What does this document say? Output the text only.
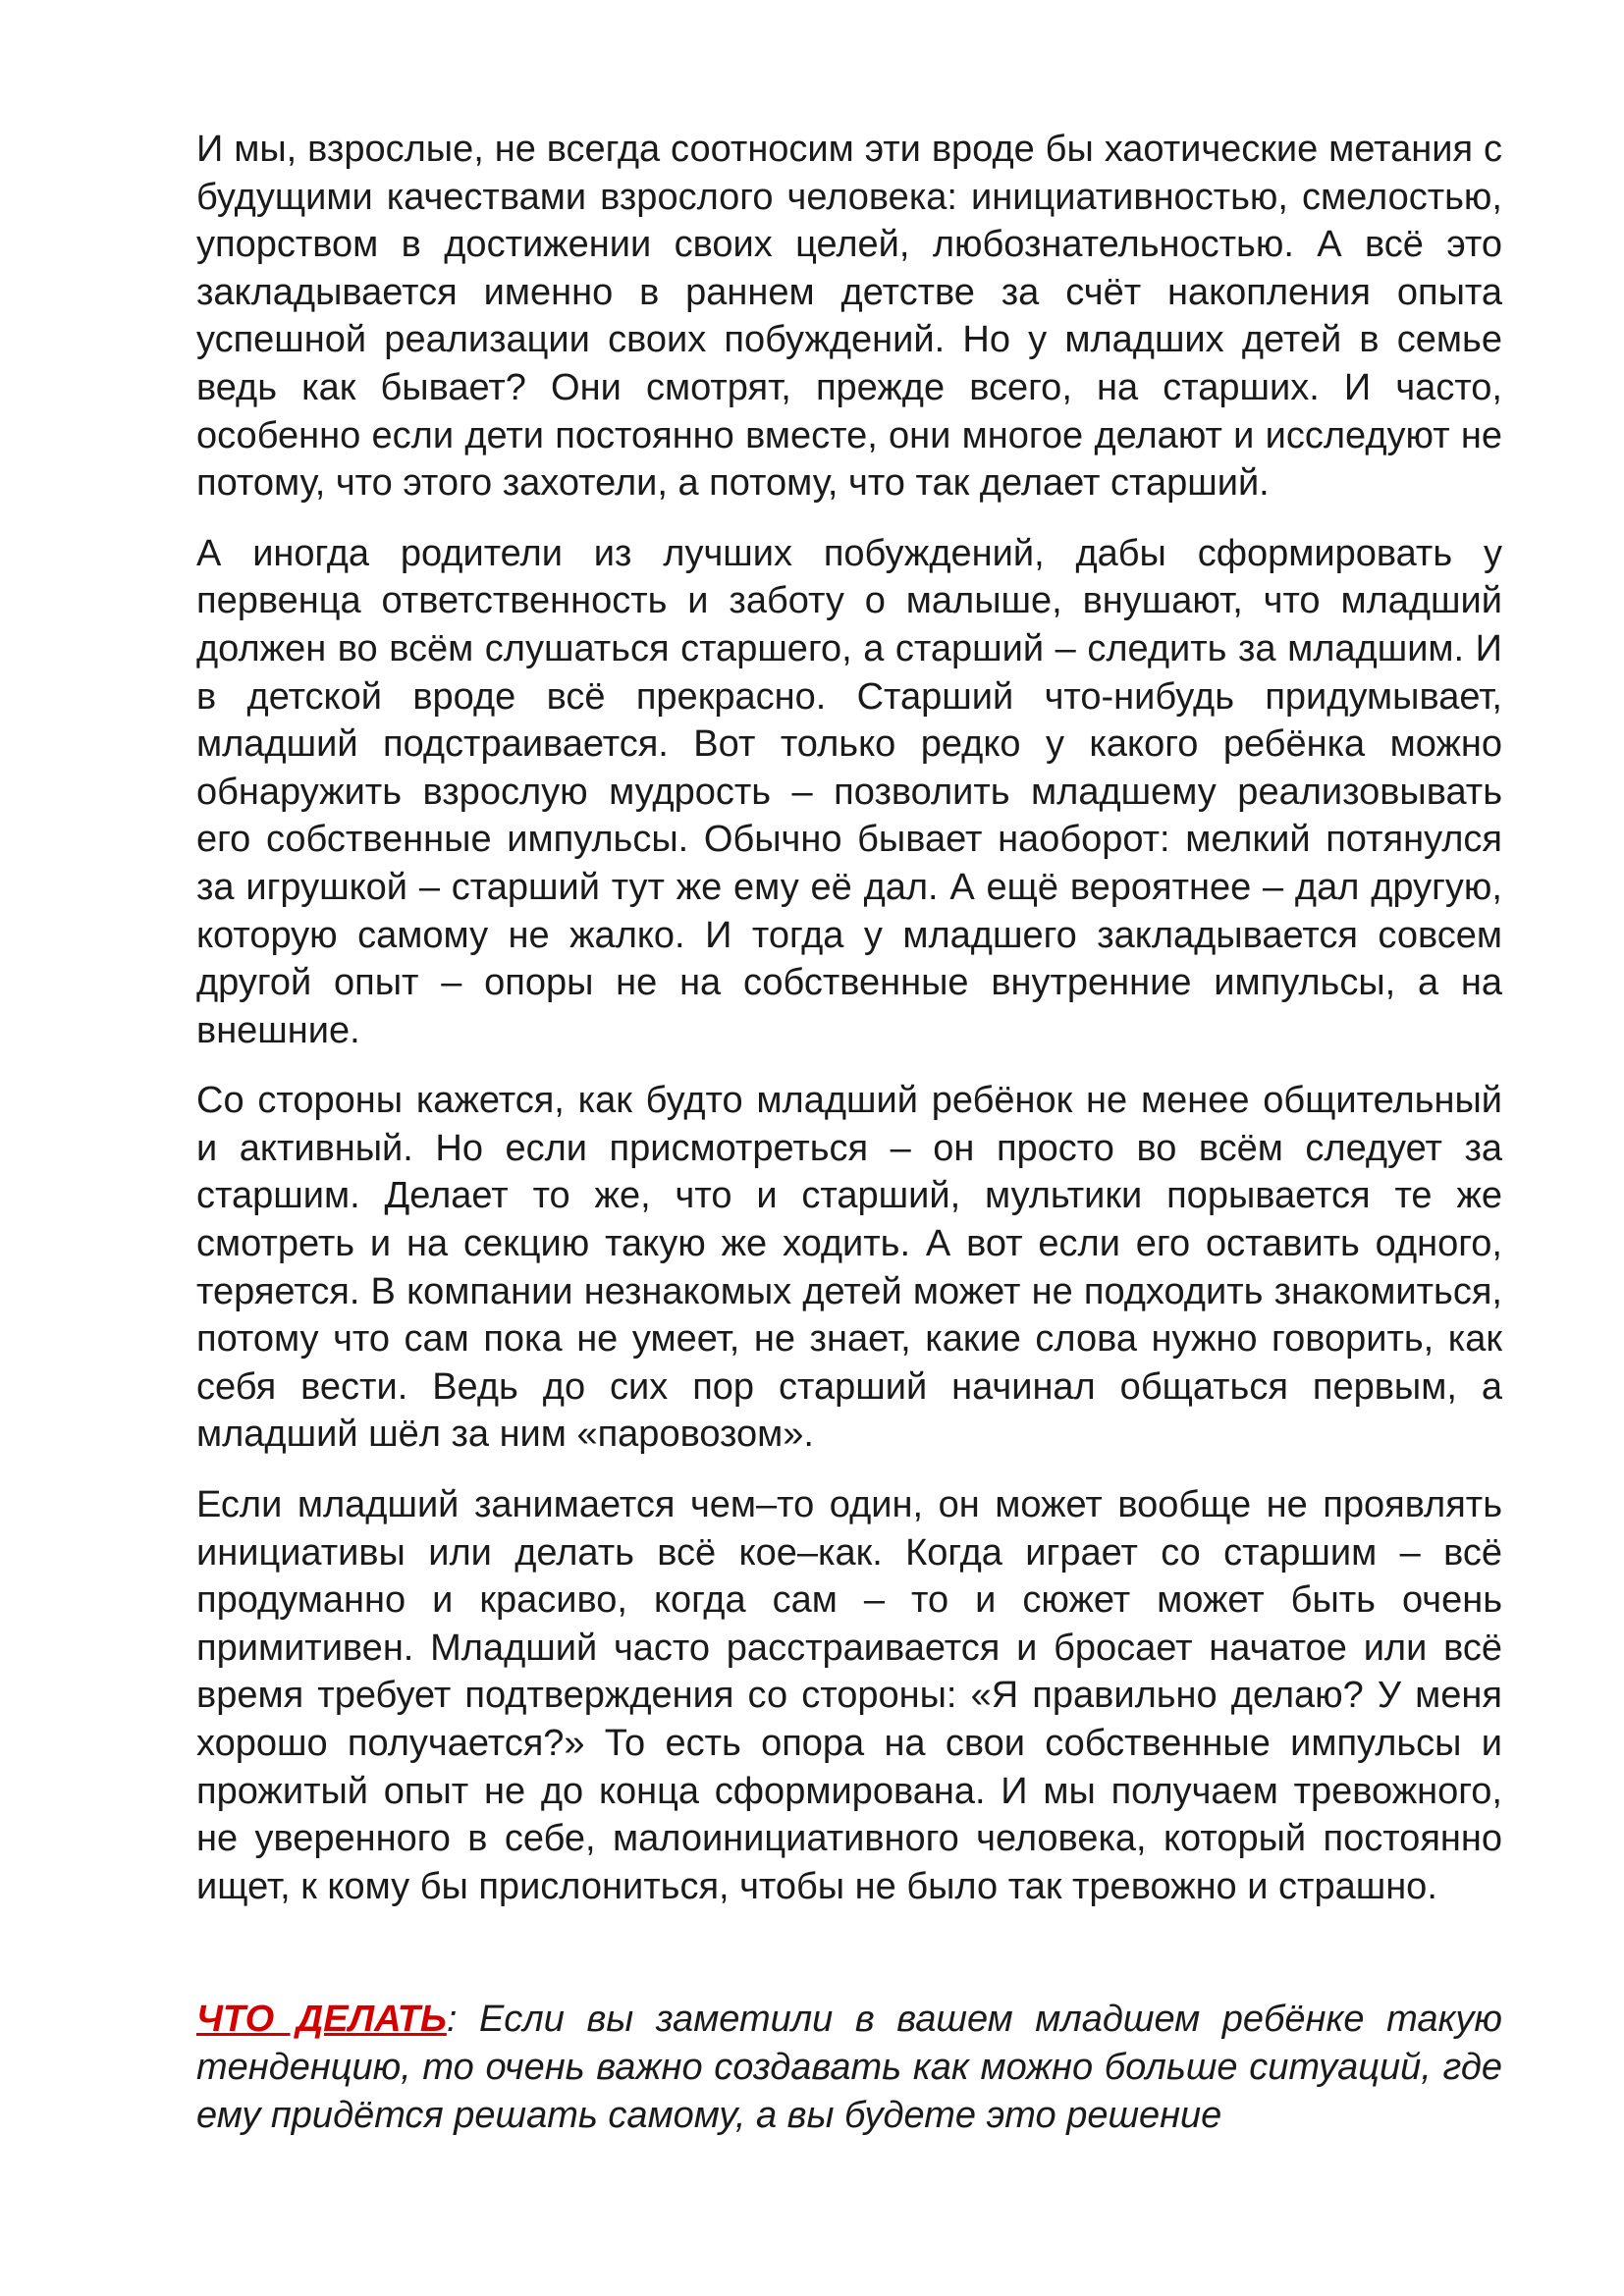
И мы, взрослые, не всегда соотносим эти вроде бы хаотические метания с будущими качествами взрослого человека: инициативностью, смелостью, упорством в достижении своих целей, любознательностью. А всё это закладывается именно в раннем детстве за счёт накопления опыта успешной реализации своих побуждений. Но у младших детей в семье ведь как бывает? Они смотрят, прежде всего, на старших. И часто, особенно если дети постоянно вместе, они многое делают и исследуют не потому, что этого захотели, а потому, что так делает старший.

А иногда родители из лучших побуждений, дабы сформировать у первенца ответственность и заботу о малыше, внушают, что младший должен во всём слушаться старшего, а старший – следить за младшим. И в детской вроде всё прекрасно. Старший что-нибудь придумывает, младший подстраивается. Вот только редко у какого ребёнка можно обнаружить взрослую мудрость – позволить младшему реализовывать его собственные импульсы. Обычно бывает наоборот: мелкий потянулся за игрушкой – старший тут же ему её дал. А ещё вероятнее – дал другую, которую самому не жалко. И тогда у младшего закладывается совсем другой опыт – опоры не на собственные внутренние импульсы, а на внешние.

Со стороны кажется, как будто младший ребёнок не менее общительный и активный. Но если присмотреться – он просто во всём следует за старшим. Делает то же, что и старший, мультики порывается те же смотреть и на секцию такую же ходить. А вот если его оставить одного, теряется. В компании незнакомых детей может не подходить знакомиться, потому что сам пока не умеет, не знает, какие слова нужно говорить, как себя вести. Ведь до сих пор старший начинал общаться первым, а младший шёл за ним «паровозом».

Если младший занимается чем–то один, он может вообще не проявлять инициативы или делать всё кое–как. Когда играет со старшим – всё продуманно и красиво, когда сам – то и сюжет может быть очень примитивен. Младший часто расстраивается и бросает начатое или всё время требует подтверждения со стороны: «Я правильно делаю? У меня хорошо получается?» То есть опора на свои собственные импульсы и прожитый опыт не до конца сформирована. И мы получаем тревожного, не уверенного в себе, малоинициативного человека, который постоянно ищет, к кому бы прислониться, чтобы не было так тревожно и страшно.

ЧТО ДЕЛАТЬ: Если вы заметили в вашем младшем ребёнке такую тенденцию, то очень важно создавать как можно больше ситуаций, где ему придётся решать самому, а вы будете это решение
